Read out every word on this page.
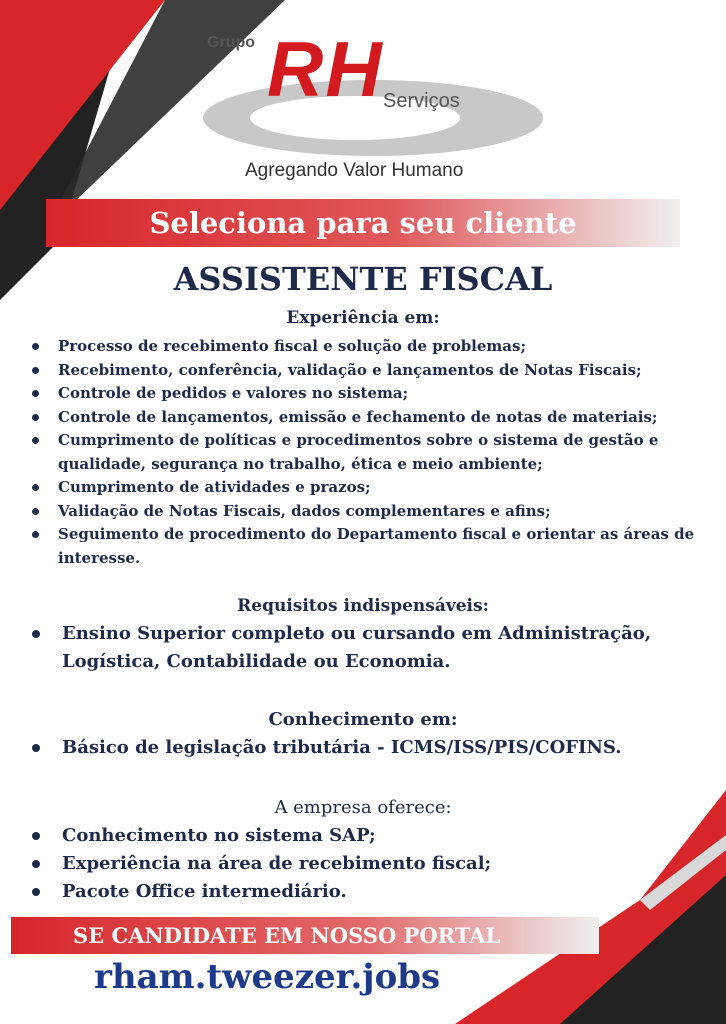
Grupo RH Serviços
Agregando Valor Humano
Seleciona para seu cliente
ASSISTENTE FISCAL
Experiência em:
Processo de recebimento fiscal e solução de problemas;
Recebimento, conferência, validação e lançamentos de Notas Fiscais;
Controle de pedidos e valores no sistema;
Controle de lançamentos, emissão e fechamento de notas de materiais;
Cumprimento de políticas e procedimentos sobre o sistema de gestão e qualidade, segurança no trabalho, ética e meio ambiente;
Cumprimento de atividades e prazos;
Validação de Notas Fiscais, dados complementares e afins;
Seguimento de procedimento do Departamento fiscal e orientar as áreas de interesse.
Requisitos indispensáveis:
Ensino Superior completo ou cursando em Administração, Logística, Contabilidade ou Economia.
Conhecimento em:
Básico de legislação tributária - ICMS/ISS/PIS/COFINS.
A empresa oferece:
Conhecimento no sistema SAP;
Experiência na área de recebimento fiscal;
Pacote Office intermediário.
SE CANDIDATE EM NOSSO PORTAL
rham.tweezer.jobs
